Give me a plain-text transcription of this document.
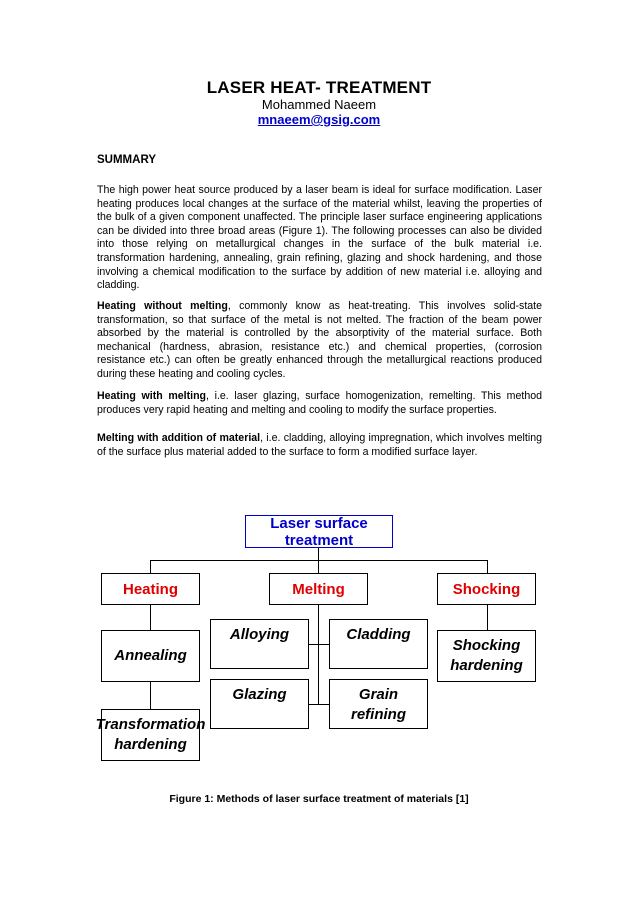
LASER HEAT- TREATMENT
Mohammed Naeem
mnaeem@gsig.com
SUMMARY

The high power heat source produced by a laser beam is ideal for surface modification. Laser heating produces local changes at the surface of the material whilst, leaving the properties of the bulk of a given component unaffected. The principle laser surface engineering applications can be divided into three broad areas (Figure 1). The following processes can also be divided into those relying on metallurgical changes in the surface of the bulk material i.e. transformation hardening, annealing, grain refining, glazing and shock hardening, and those involving a chemical modification to the surface by addition of new material i.e. alloying and cladding.

Heating without melting, commonly know as heat-treating. This involves solid-state transformation, so that surface of the metal is not melted. The fraction of the beam power absorbed by the material is controlled by the absorptivity of the material surface. Both mechanical (hardness, abrasion, resistance etc.) and chemical properties, (corrosion resistance etc.) can often be greatly enhanced through the metallurgical reactions produced during these heating and cooling cycles.

Heating with melting, i.e. laser glazing, surface homogenization, remelting. This method produces very rapid heating and melting and cooling to modify the surface properties.

Melting with addition of material, i.e. cladding, alloying impregnation, which involves melting of the surface plus material added to the surface to form a modified surface layer.

Laser surface treatment
Heating	Melting	Shocking
Annealing
Transformation
hardening
Alloying	Cladding
Glazing	Grain refining
Shocking
hardening
Figure 1: Methods of laser surface treatment of materials [1]
